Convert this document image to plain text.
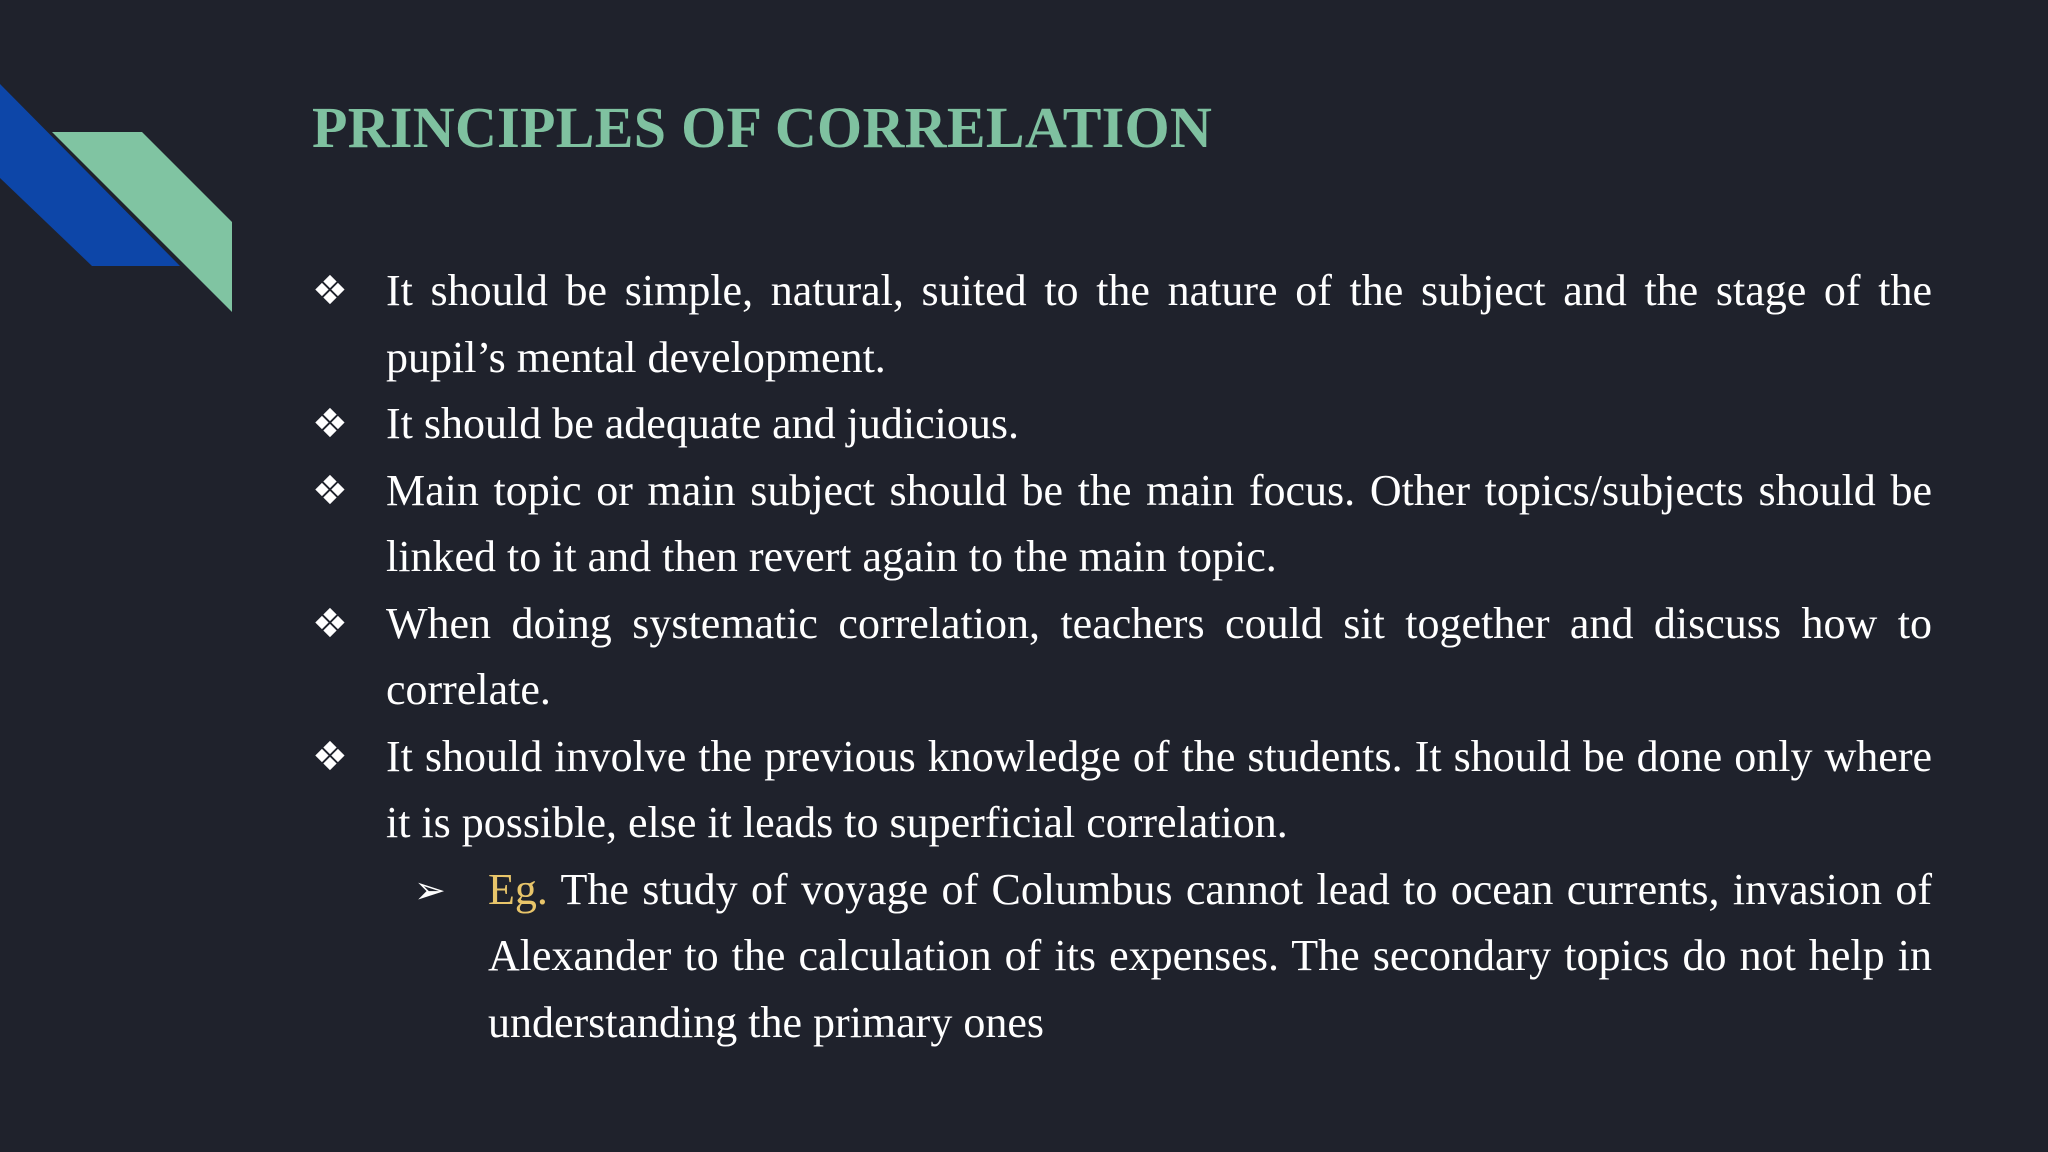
PRINCIPLES OF CORRELATION
❖ It should be simple, natural, suited to the nature of the subject and the stage of the pupil’s mental development.
❖ It should be adequate and judicious.
❖ Main topic or main subject should be the main focus. Other topics/subjects should be linked to it and then revert again to the main topic.
❖ When doing systematic correlation, teachers could sit together and discuss how to correlate.
❖ It should involve the previous knowledge of the students. It should be done only where it is possible, else it leads to superficial correlation.
➢ Eg. The study of voyage of Columbus cannot lead to ocean currents, invasion of Alexander to the calculation of its expenses. The secondary topics do not help in understanding the primary ones
